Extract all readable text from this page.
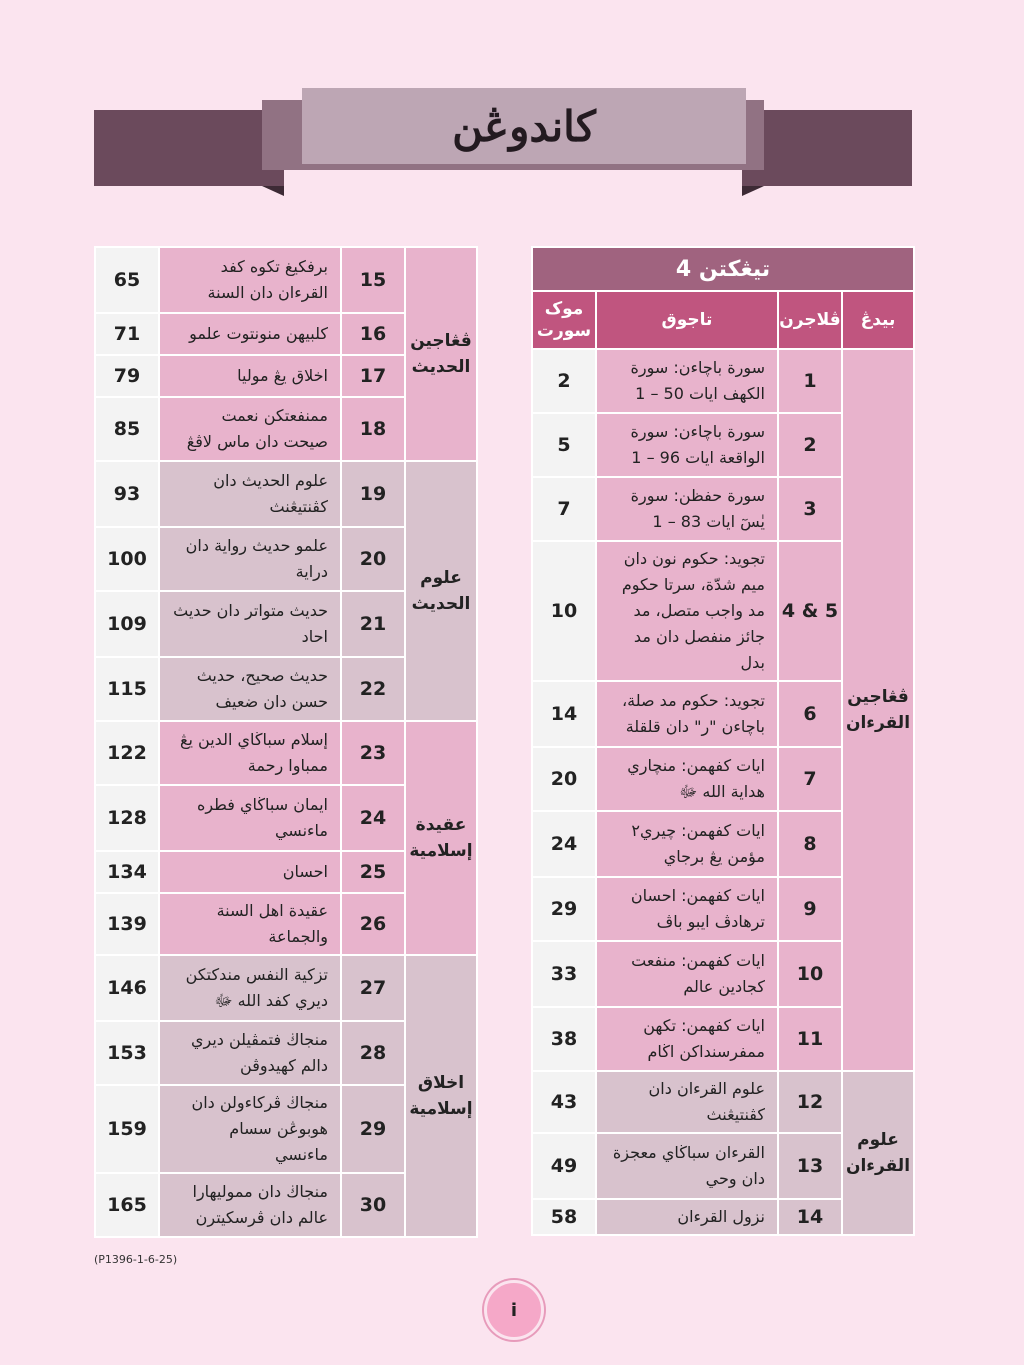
كاندوڠن
65	برفكيغ تكوه كفد القرءان دان السنة	15	ڤڠاجين الحديث
71	كلبيهن منونتوت علمو	16	
79	اخلاق يڠ موليا	17	
85	ممنفعتكن نعمت صيحت دان ماس لاڤڠ	18	
93	علوم الحديث دان كڤنتيڠنث	19	علوم الحديث
100	علمو حديث رواية دان دراية	20	
109	حديث متواتر دان حديث احاد	21	
115	حديث صحيح، حديث حسن دان ضعيف	22	
122	إسلام سباڬاي الدين يڠ ممباوا رحمة	23	عقيدة إسلامية
128	ايمان سباڬاي فطره ماءنسي	24	
134	احسان	25	
139	عقيدة اهل السنة والجماعة	26	
146	تزكية النفس مندكتكن ديري كفد الله ﷻ	27	اخلاق إسلامية
153	منجاڬ فتمڤيلن ديري دالم كهيدوڤن	28	
159	منجاڬ ڤركاءولن دان هوبوڠن سسام ماءنسي	29	
165	منجاڬ دان مموليهارا عالم دان ڤرسكيترن	30	
تيڠكتن 4			
موک سورت	تاجوق	ڤلاجرن	بيدڠ
2	سورة باچاءن: سورة الكهف ايات 50 – 1	1	ڤڠاجين القرءان
5	سورة باچاءن: سورة الواقعة ايات 96 – 1	2	
7	سورة حفظن: سورة يٰسٓ ايات 83 – 1	3	
10	تجويد: حكوم نون دان ميم شدّة، سرتا حكوم مد واجب متصل، مد جائز منفصل دان مد بدل	4 & 5	
14	تجويد: حكوم مد صلة، باچاءن "ر" دان قلقلة	6	
20	ايات كفهمن: منچاري هداية الله ﷻ	7	
24	ايات كفهمن: چيري٢ مؤمن يڠ برجاي	8	
29	ايات كفهمن: احسان ترهادڤ ايبو باڤ	9	
33	ايات كفهمن: منفعت كجادين عالم	10	
38	ايات كفهمن: تكهن ممفرسنداكن اڬام	11	
43	علوم القرءان دان كڤنتيڠنث	12	علوم القرءان
49	القرءان سباڬاي معجزة دان وحي	13	
58	نزول القرءان	14	
(P1396-1-6-25)
i
